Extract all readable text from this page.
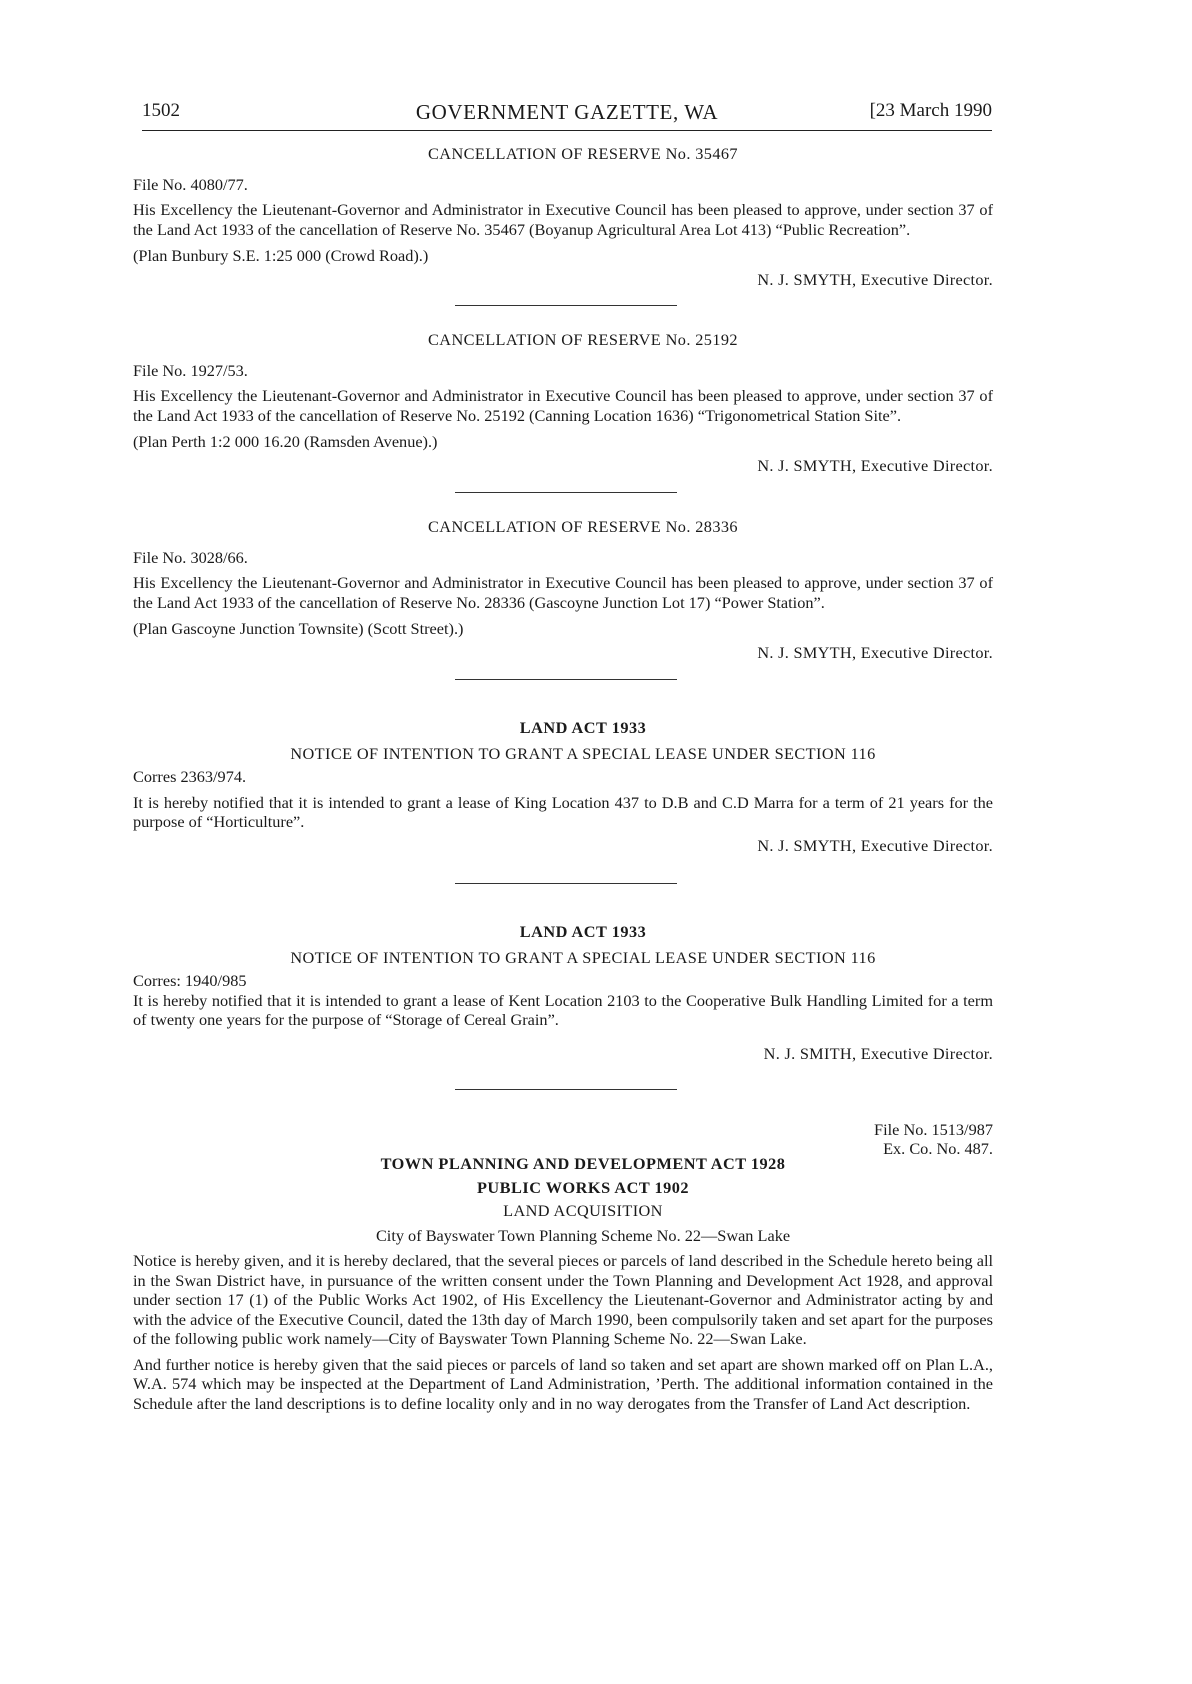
1502	GOVERNMENT GAZETTE, WA	[23 March 1990
CANCELLATION OF RESERVE No. 35467
File No. 4080/77.

His Excellency the Lieutenant-Governor and Administrator in Executive Council has been pleased to approve, under section 37 of the Land Act 1933 of the cancellation of Reserve No. 35467 (Boyanup Agricultural Area Lot 413) “Public Recreation”.

(Plan Bunbury S.E. 1:25 000 (Crowd Road).)
N. J. SMYTH, Executive Director.
CANCELLATION OF RESERVE No. 25192
File No. 1927/53.

His Excellency the Lieutenant-Governor and Administrator in Executive Council has been pleased to approve, under section 37 of the Land Act 1933 of the cancellation of Reserve No. 25192 (Canning Location 1636) “Trigonometrical Station Site”.

(Plan Perth 1:2 000 16.20 (Ramsden Avenue).)
N. J. SMYTH, Executive Director.
CANCELLATION OF RESERVE No. 28336
File No. 3028/66.

His Excellency the Lieutenant-Governor and Administrator in Executive Council has been pleased to approve, under section 37 of the Land Act 1933 of the cancellation of Reserve No. 28336 (Gascoyne Junction Lot 17) “Power Station”.

(Plan Gascoyne Junction Townsite) (Scott Street).)
N. J. SMYTH, Executive Director.
LAND ACT 1933
NOTICE OF INTENTION TO GRANT A SPECIAL LEASE UNDER SECTION 116
Corres 2363/974.

It is hereby notified that it is intended to grant a lease of King Location 437 to D.B and C.D Marra for a term of 21 years for the purpose of “Horticulture”.

N. J. SMYTH, Executive Director.
LAND ACT 1933
NOTICE OF INTENTION TO GRANT A SPECIAL LEASE UNDER SECTION 116
Corres: 1940/985

It is hereby notified that it is intended to grant a lease of Kent Location 2103 to the Cooperative Bulk Handling Limited for a term of twenty one years for the purpose of “Storage of Cereal Grain”.

N. J. SMITH, Executive Director.
File No. 1513/987
Ex. Co. No. 487.
TOWN PLANNING AND DEVELOPMENT ACT 1928
PUBLIC WORKS ACT 1902
LAND ACQUISITION
City of Bayswater Town Planning Scheme No. 22—Swan Lake

Notice is hereby given, and it is hereby declared, that the several pieces or parcels of land described in the Schedule hereto being all in the Swan District have, in pursuance of the written consent under the Town Planning and Development Act 1928, and approval under section 17 (1) of the Public Works Act 1902, of His Excellency the Lieutenant-Governor and Administrator acting by and with the advice of the Executive Council, dated the 13th day of March 1990, been compulsorily taken and set apart for the purposes of the following public work namely—City of Bayswater Town Planning Scheme No. 22—Swan Lake.

And further notice is hereby given that the said pieces or parcels of land so taken and set apart are shown marked off on Plan L.A., W.A. 574 which may be inspected at the Department of Land Administration, ’Perth. The additional information contained in the Schedule after the land descriptions is to define locality only and in no way derogates from the Transfer of Land Act description.
